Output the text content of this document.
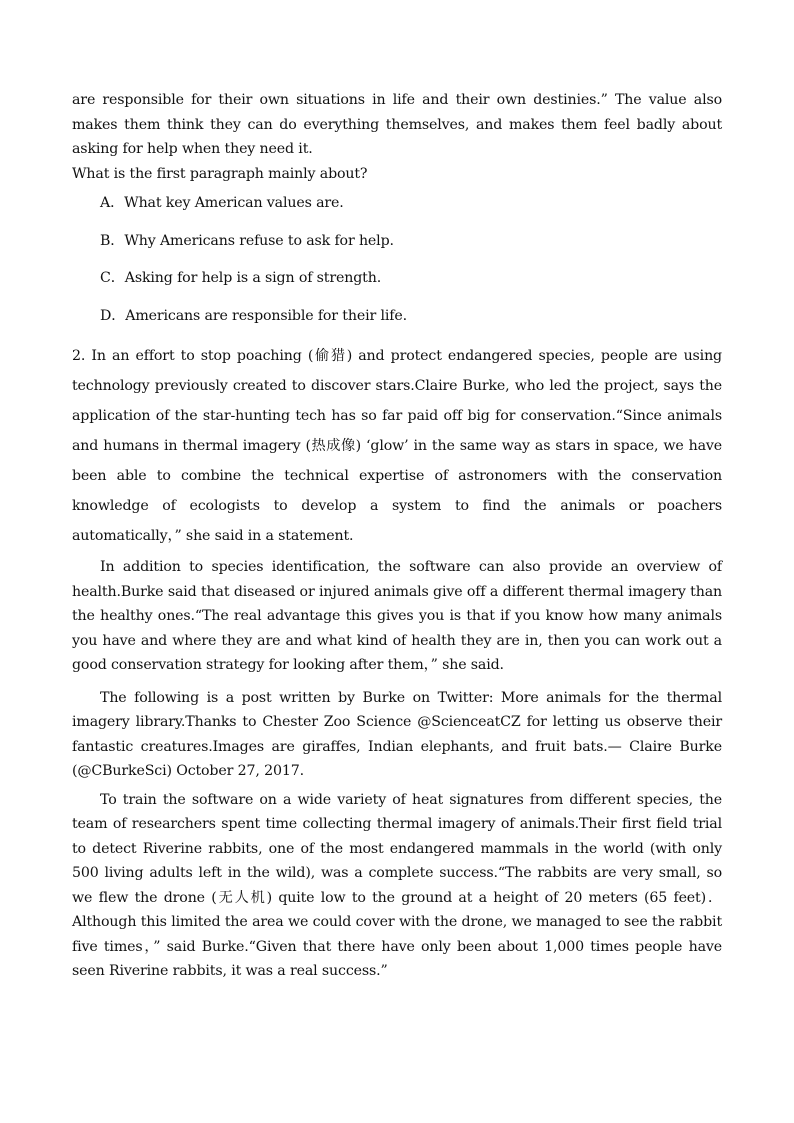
are responsible for their own situations in life and their own destinies.” The value also makes them think they can do everything themselves, and makes them feel badly about asking for help when they need it.

What is the first paragraph mainly about?

A．What key American values are.

B．Why Americans refuse to ask for help.

C．Asking for help is a sign of strength.

D．Americans are responsible for their life.

2. In an effort to stop poaching (偷猎) and protect endangered species, people are using technology previously created to discover stars.Claire Burke, who led the project, says the application of the star-hunting tech has so far paid off big for conservation.“Since animals and humans in thermal imagery (热成像) ‘glow’ in the same way as stars in space, we have been able to combine the technical expertise of astronomers with the conservation knowledge of ecologists to develop a system to find the animals or poachers automatically，” she said in a statement.

In addition to species identification, the software can also provide an overview of health.Burke said that diseased or injured animals give off a different thermal imagery than the healthy ones.“The real advantage this gives you is that if you know how many animals you have and where they are and what kind of health they are in, then you can work out a good conservation strategy for looking after them，” she said.

The following is a post written by Burke on Twitter: More animals for the thermal imagery library.Thanks to Chester Zoo Science @ScienceatCZ for letting us observe their fantastic creatures.Images are giraffes, Indian elephants, and fruit bats.— Claire Burke (@CBurkeSci) October 27, 2017.

To train the software on a wide variety of heat signatures from different species, the team of researchers spent time collecting thermal imagery of animals.Their first field trial to detect Riverine rabbits, one of the most endangered mammals in the world (with only 500 living adults left in the wild), was a complete success.“The rabbits are very small, so we flew the drone (无人机) quite low to the ground at a height of 20 meters (65 feet)．Although this limited the area we could cover with the drone, we managed to see the rabbit five times，” said Burke.“Given that there have only been about 1,000 times people have seen Riverine rabbits, it was a real success.”
